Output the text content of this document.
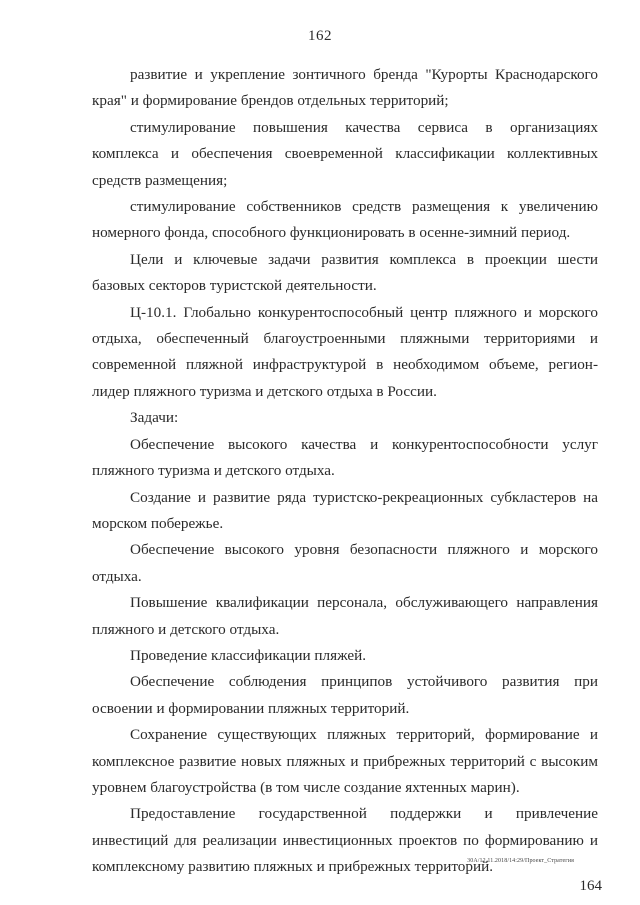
162

развитие и укрепление зонтичного бренда "Курорты Краснодарского края" и формирование брендов отдельных территорий;

стимулирование повышения качества сервиса в организациях комплекса и обеспечения своевременной классификации коллективных средств размещения;

стимулирование собственников средств размещения к увеличению номерного фонда, способного функционировать в осенне-зимний период.

Цели и ключевые задачи развития комплекса в проекции шести базовых секторов туристской деятельности.

Ц-10.1. Глобально конкурентоспособный центр пляжного и морского отдыха, обеспеченный благоустроенными пляжными территориями и современной пляжной инфраструктурой в необходимом объеме, регион-лидер пляжного туризма и детского отдыха в России.

Задачи:

Обеспечение высокого качества и конкурентоспособности услуг пляжного туризма и детского отдыха.

Создание и развитие ряда туристско-рекреационных субкластеров на морском побережье.

Обеспечение высокого уровня безопасности пляжного и морского отдыха.

Повышение квалификации персонала, обслуживающего направления пляжного и детского отдыха.

Проведение классификации пляжей.

Обеспечение соблюдения принципов устойчивого развития при освоении и формировании пляжных территорий.

Сохранение существующих пляжных территорий, формирование и комплексное развитие новых пляжных и прибрежных территорий с высоким уровнем благоустройства (в том числе создание яхтенных марин).

Предоставление государственной поддержки и привлечение инвестиций для реализации инвестиционных проектов по формированию и комплексному развитию пляжных и прибрежных территорий.

30А/12.11.2018/14:29/Проект_Стратегия
164
